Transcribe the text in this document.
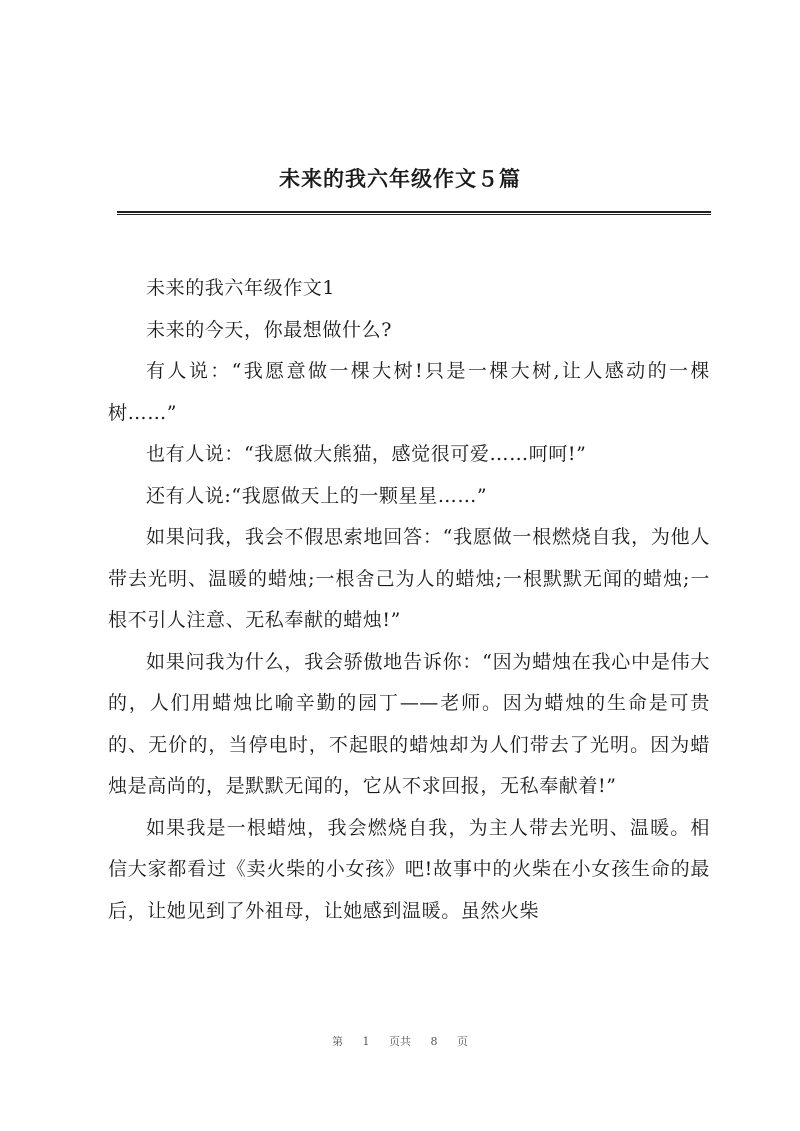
未来的我六年级作文５篇

未来的我六年级作文1

未来的今天，你最想做什么?

有人说：“我愿意做一棵大树!只是一棵大树,让人感动的一棵树……”

也有人说：“我愿做大熊猫，感觉很可爱……呵呵!”

还有人说:“我愿做天上的一颗星星……”

如果问我，我会不假思索地回答：“我愿做一根燃烧自我，为他人带去光明、温暖的蜡烛;一根舍己为人的蜡烛;一根默默无闻的蜡烛;一根不引人注意、无私奉献的蜡烛!”

如果问我为什么，我会骄傲地告诉你：“因为蜡烛在我心中是伟大的，人们用蜡烛比喻辛勤的园丁——老师。因为蜡烛的生命是可贵的、无价的，当停电时，不起眼的蜡烛却为人们带去了光明。因为蜡烛是高尚的，是默默无闻的，它从不求回报，无私奉献着!”

如果我是一根蜡烛，我会燃烧自我，为主人带去光明、温暖。相信大家都看过《卖火柴的小女孩》吧!故事中的火柴在小女孩生命的最后，让她见到了外祖母，让她感到温暖。虽然火柴

第 1 页共 8 页
